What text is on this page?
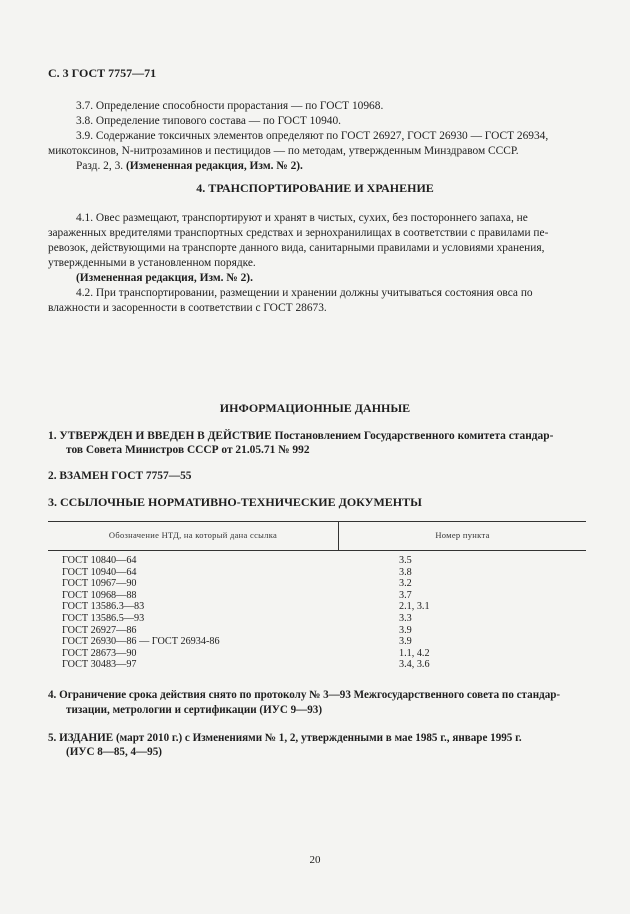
С. 3 ГОСТ 7757—71
3.7. Определение способности прорастания — по ГОСТ 10968.
3.8. Определение типового состава — по ГОСТ 10940.
3.9. Содержание токсичных элементов определяют по ГОСТ 26927, ГОСТ 26930 — ГОСТ 26934,
микотоксинов, N-нитрозаминов и пестицидов — по методам, утвержденным Минздравом СССР.
Разд. 2, 3. (Измененная редакция, Изм. № 2).
4. ТРАНСПОРТИРОВАНИЕ И ХРАНЕНИЕ
4.1. Овес размещают, транспортируют и хранят в чистых, сухих, без постороннего запаха, не
зараженных вредителями транспортных средствах и зернохранилищах в соответствии с правилами пе-
ревозок, действующими на транспорте данного вида, санитарными правилами и условиями хранения,
утвержденными в установленном порядке.
(Измененная редакция, Изм. № 2).
4.2. При транспортировании, размещении и хранении должны учитываться состояния овса по
влажности и засоренности в соответствии с ГОСТ 28673.
ИНФОРМАЦИОННЫЕ ДАННЫЕ
1. УТВЕРЖДЕН И ВВЕДЕН В ДЕЙСТВИЕ Постановлением Государственного комитета стандар-
тов Совета Министров СССР от 21.05.71 № 992
2. ВЗАМЕН ГОСТ 7757—55
3. ССЫЛОЧНЫЕ НОРМАТИВНО-ТЕХНИЧЕСКИЕ ДОКУМЕНТЫ
Обозначение НТД, на который дана ссылка	Номер пункта
ГОСТ 10840—64	3.5
ГОСТ 10940—64	3.8
ГОСТ 10967—90	3.2
ГОСТ 10968—88	3.7
ГОСТ 13586.3—83	2.1, 3.1
ГОСТ 13586.5—93	3.3
ГОСТ 26927—86	3.9
ГОСТ 26930—86 — ГОСТ 26934-86	3.9
ГОСТ 28673—90	1.1, 4.2
ГОСТ 30483—97	3.4, 3.6
4. Ограничение срока действия снято по протоколу № 3—93 Межгосударственного совета по стандар-
тизации, метрологии и сертификации (ИУС 9—93)
5. ИЗДАНИЕ (март 2010 г.) с Изменениями № 1, 2, утвержденными в мае 1985 г., январе 1995 г.
(ИУС 8—85, 4—95)
20
